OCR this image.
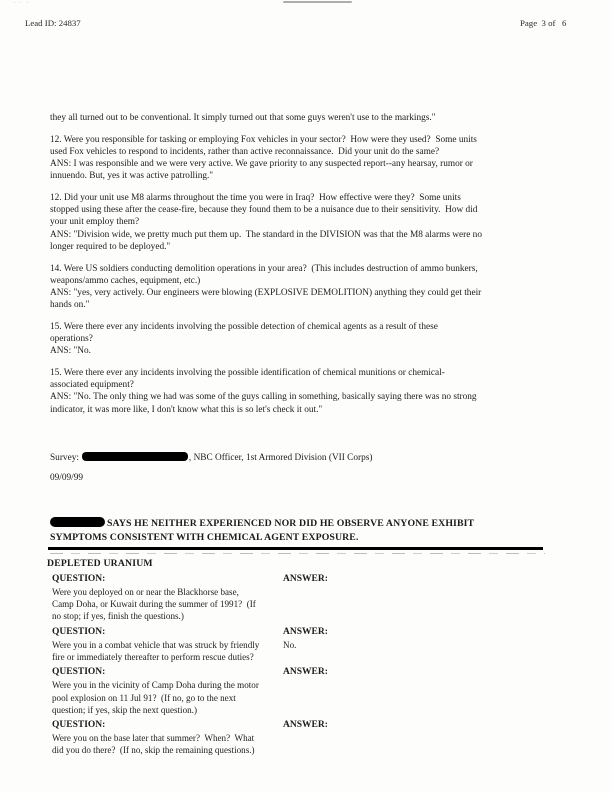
Lead ID: 24837	Page  3 of   6
they all turned out to be conventional. It simply turned out that some guys weren't use to the markings."
12. Were you responsible for tasking or employing Fox vehicles in your sector?  How were they used?  Some units
used Fox vehicles to respond to incidents, rather than active reconnaissance.  Did your unit do the same?
ANS: I was responsible and we were very active. We gave priority to any suspected report--any hearsay, rumor or
innuendo. But, yes it was active patrolling."
12. Did your unit use M8 alarms throughout the time you were in Iraq?  How effective were they?  Some units
stopped using these after the cease-fire, because they found them to be a nuisance due to their sensitivity.  How did
your unit employ them?
ANS: "Division wide, we pretty much put them up.  The standard in the DIVISION was that the M8 alarms were no
longer required to be deployed."
14. Were US soldiers conducting demolition operations in your area?  (This includes destruction of ammo bunkers,
weapons/ammo caches, equipment, etc.)
ANS: "yes, very actively. Our engineers were blowing (EXPLOSIVE DEMOLITION) anything they could get their
hands on."
15. Were there ever any incidents involving the possible detection of chemical agents as a result of these
operations?
ANS: "No.
15. Were there ever any incidents involving the possible identification of chemical munitions or chemical-
associated equipment?
ANS: "No. The only thing we had was some of the guys calling in something, basically saying there was no strong
indicator, it was more like, I don't know what this is so let's check it out."
Survey:	, NBC Officer, 1st Armored Division (VII Corps)
09/09/99
SAYS HE NEITHER EXPERIENCED NOR DID HE OBSERVE ANYONE EXHIBIT
SYMPTOMS CONSISTENT WITH CHEMICAL AGENT EXPOSURE.
DEPLETED URANIUM
QUESTION:
Were you deployed on or near the Blackhorse base,
Camp Doha, or Kuwait during the summer of 1991?  (If
no stop; if yes, finish the questions.)
ANSWER:
QUESTION:
Were you in a combat vehicle that was struck by friendly
fire or immediately thereafter to perform rescue duties?
ANSWER:
No.
QUESTION:
Were you in the vicinity of Camp Doha during the motor
pool explosion on 11 Jul 91?  (If no, go to the next
question; if yes, skip the next question.)
ANSWER:
QUESTION:
Were you on the base later that summer?  When?  What
did you do there?  (If no, skip the remaining questions.)
ANSWER:
